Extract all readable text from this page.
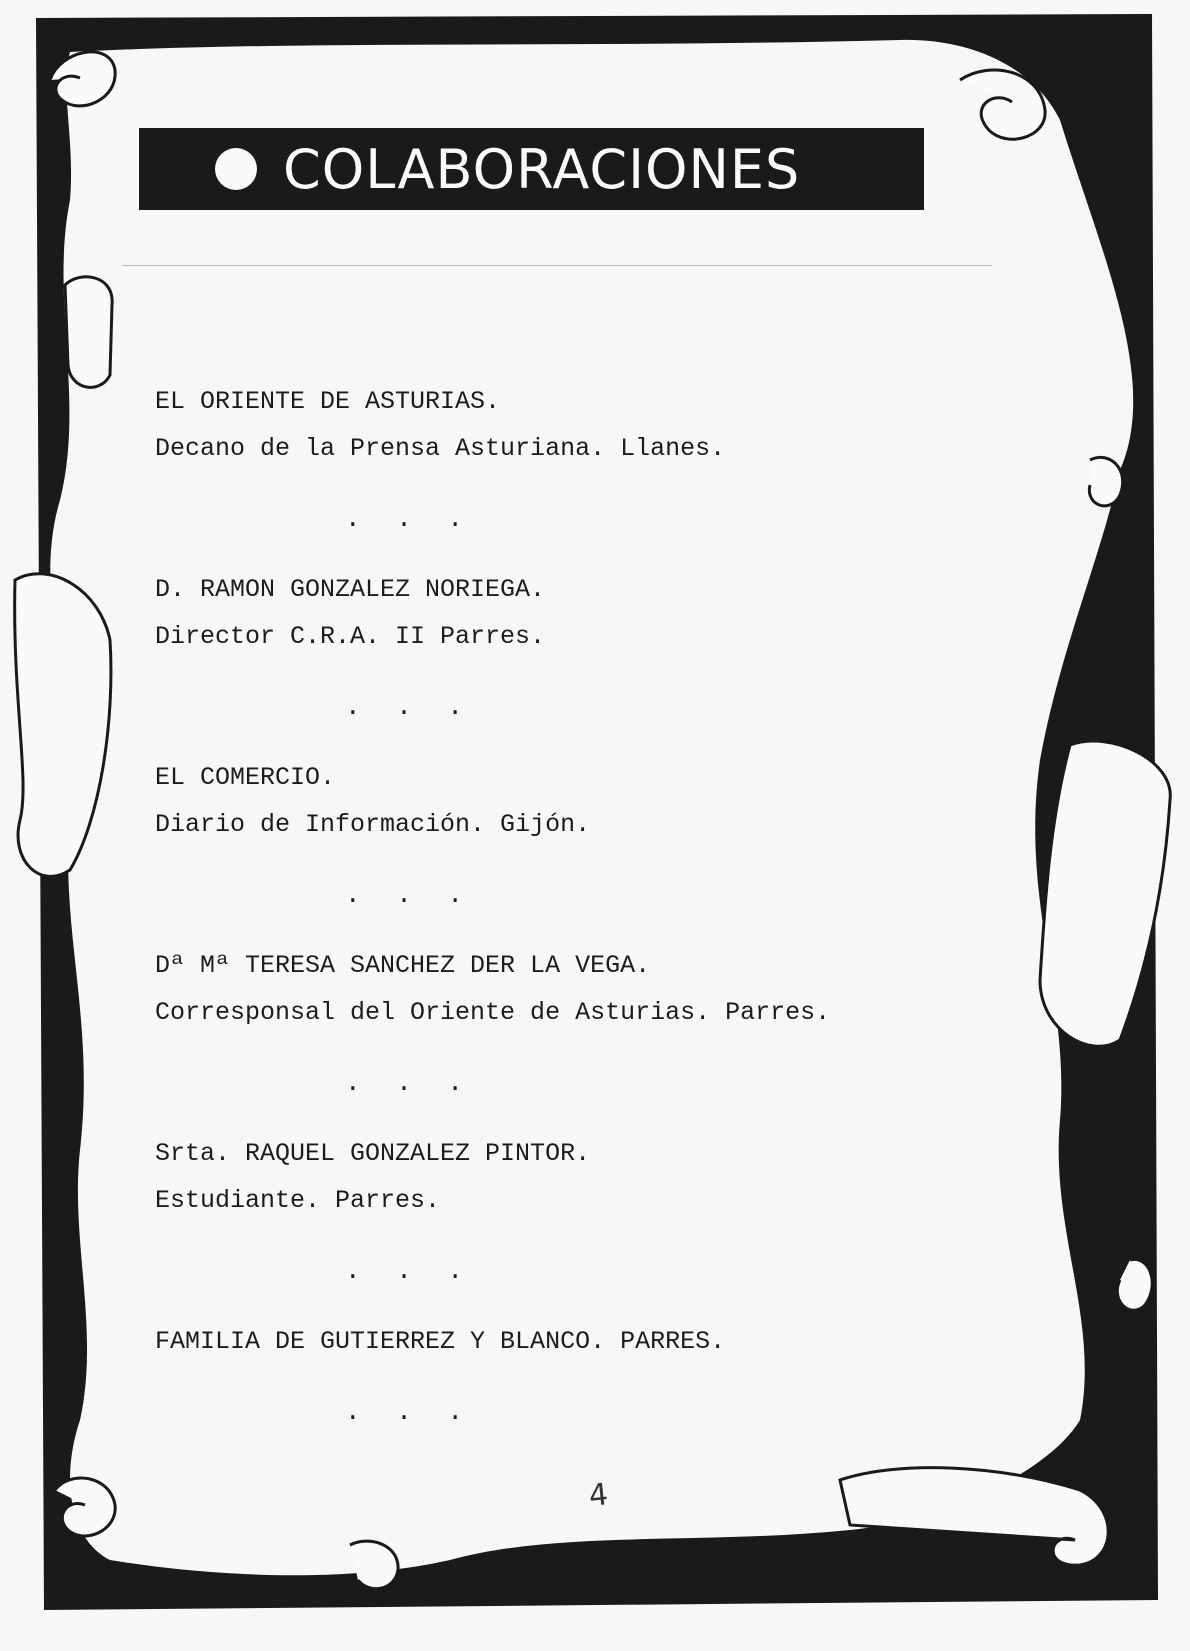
COLABORACIONES
EL ORIENTE DE ASTURIAS.
Decano de la Prensa Asturiana. Llanes.
. . .
D. RAMON GONZALEZ NORIEGA.
Director C.R.A. II Parres.
. . .
EL COMERCIO.
Diario de Información. Gijón.
. . .
Dª Mª TERESA SANCHEZ DER LA VEGA.
Corresponsal del Oriente de Asturias. Parres.
. . .
Srta. RAQUEL GONZALEZ PINTOR.
Estudiante. Parres.
. . .
FAMILIA DE GUTIERREZ Y BLANCO. PARRES.
. . .
4
